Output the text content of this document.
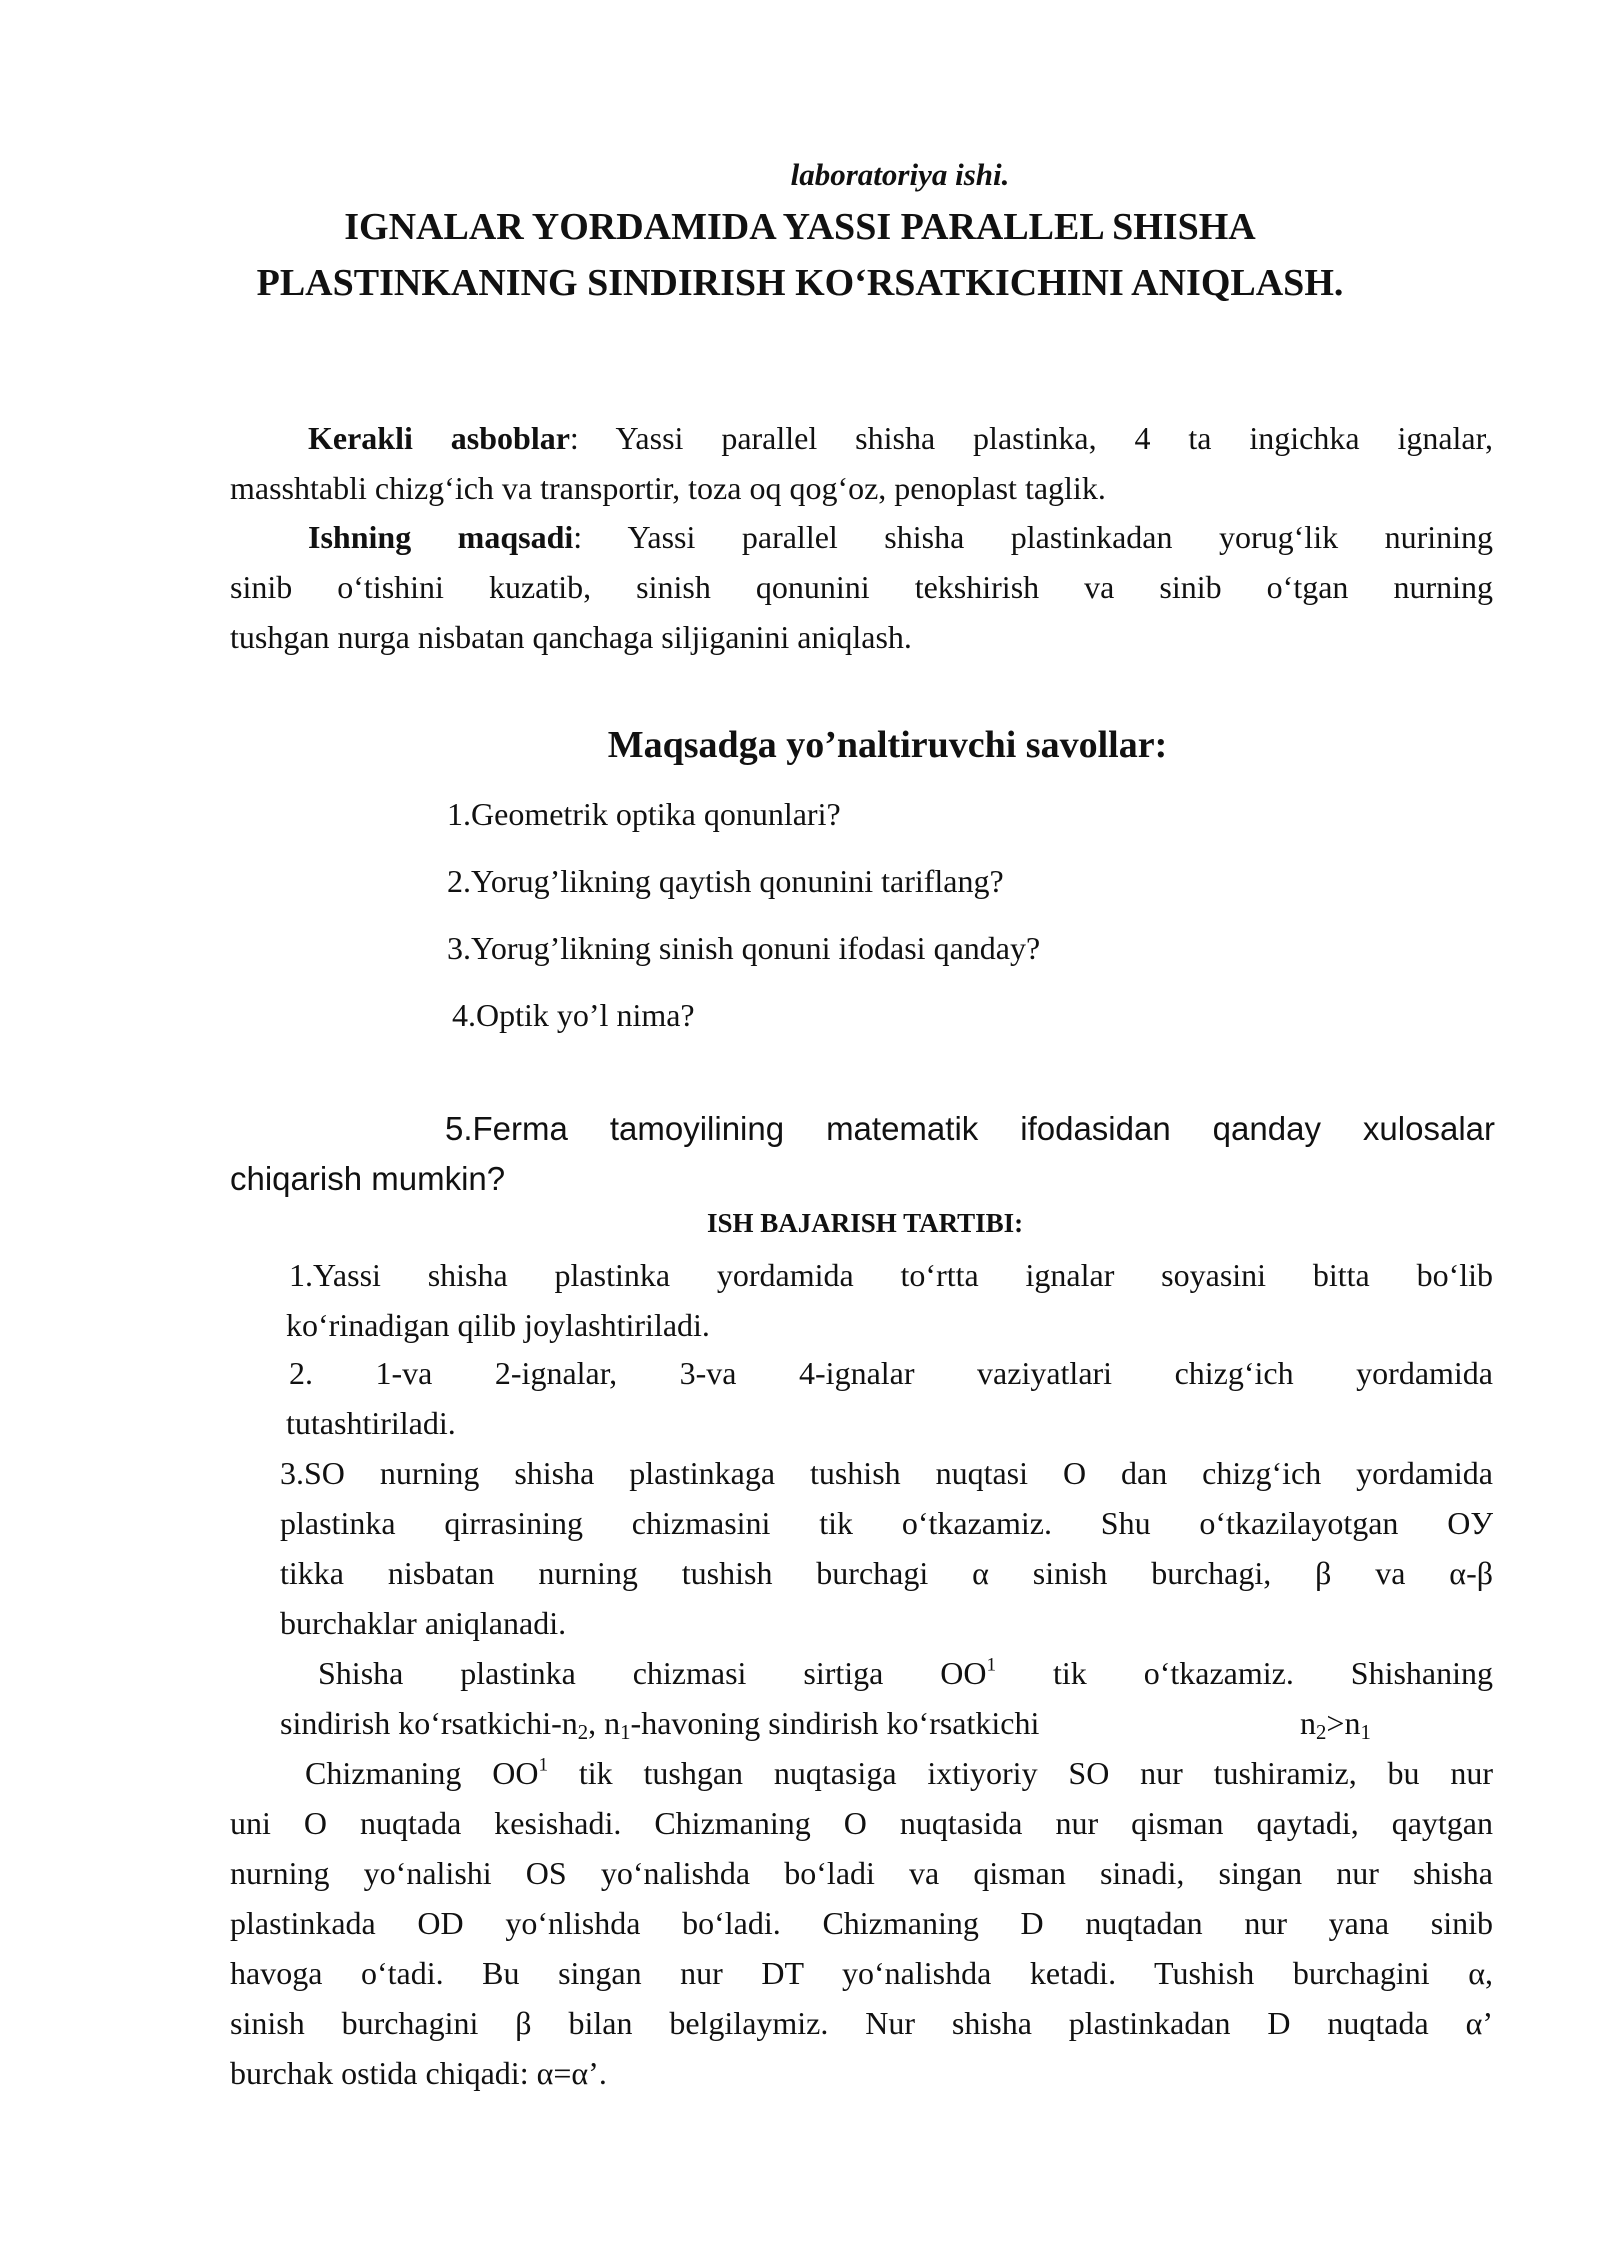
laboratoriya ishi.
IGNALAR YORDAMIDA YASSI PARALLEL SHISHA
PLASTINKANING SINDIRISH KO‘RSATKICHINI ANIQLASH.
Kerakli asboblar: Yassi parallel shisha plastinka, 4 ta ingichka ignalar,
masshtabli chizg‘ich va transportir, toza oq qog‘oz, penoplast taglik.
Ishning maqsadi: Yassi parallel shisha plastinkadan yorug‘lik nurining
sinib o‘tishini kuzatib, sinish qonunini tekshirish va sinib o‘tgan nurning
tushgan nurga nisbatan qanchaga siljiganini aniqlash.
Maqsadga yo’naltiruvchi savollar:
1.Geometrik optika qonunlari?
2.Yorug’likning qaytish qonunini tariflang?
3.Yorug’likning sinish qonuni ifodasi qanday?
4.Optik yo’l nima?
5.Ferma tamoyilining matematik ifodasidan qanday xulosalar
chiqarish mumkin?
ISH BAJARISH TARTIBI:
1.Yassi shisha plastinka yordamida to‘rtta ignalar soyasini bitta bo‘lib
ko‘rinadigan qilib joylashtiriladi.
2. 1-va 2-ignalar, 3-va 4-ignalar vaziyatlari chizg‘ich yordamida
tutashtiriladi.
3.SO nurning shisha plastinkaga tushish nuqtasi O dan chizg‘ich yordamida
plastinka qirrasining chizmasini tik o‘tkazamiz. Shu o‘tkazilayotgan OУ
tikka nisbatan nurning tushish burchagi α sinish burchagi, β va α-β
burchaklar aniqlanadi.
Shisha plastinka chizmasi sirtiga $OO^1$ tik o‘tkazamiz. Shishaning
sindirish $ko‘rsatkichi-n_2$, $n_1$-havoning sindirish ko‘rsatkichi	$n_2>n_1$
Chizmaning $OO^1$ tik tushgan nuqtasiga ixtiyoriy SO nur tushiramiz, bu nur
uni O nuqtada kesishadi. Chizmaning O nuqtasida nur qisman qaytadi, qaytgan
nurning yo‘nalishi OS yo‘nalishda bo‘ladi va qisman sinadi, singan nur shisha
plastinkada OD yo‘nlishda bo‘ladi. Chizmaning D nuqtadan nur yana sinib
havoga o‘tadi. Bu singan nur DT yo‘nalishda ketadi. Tushish burchagini α,
sinish burchagini β bilan belgilaymiz. Nur shisha plastinkadan D nuqtada α’
burchak ostida chiqadi: α=α’.
